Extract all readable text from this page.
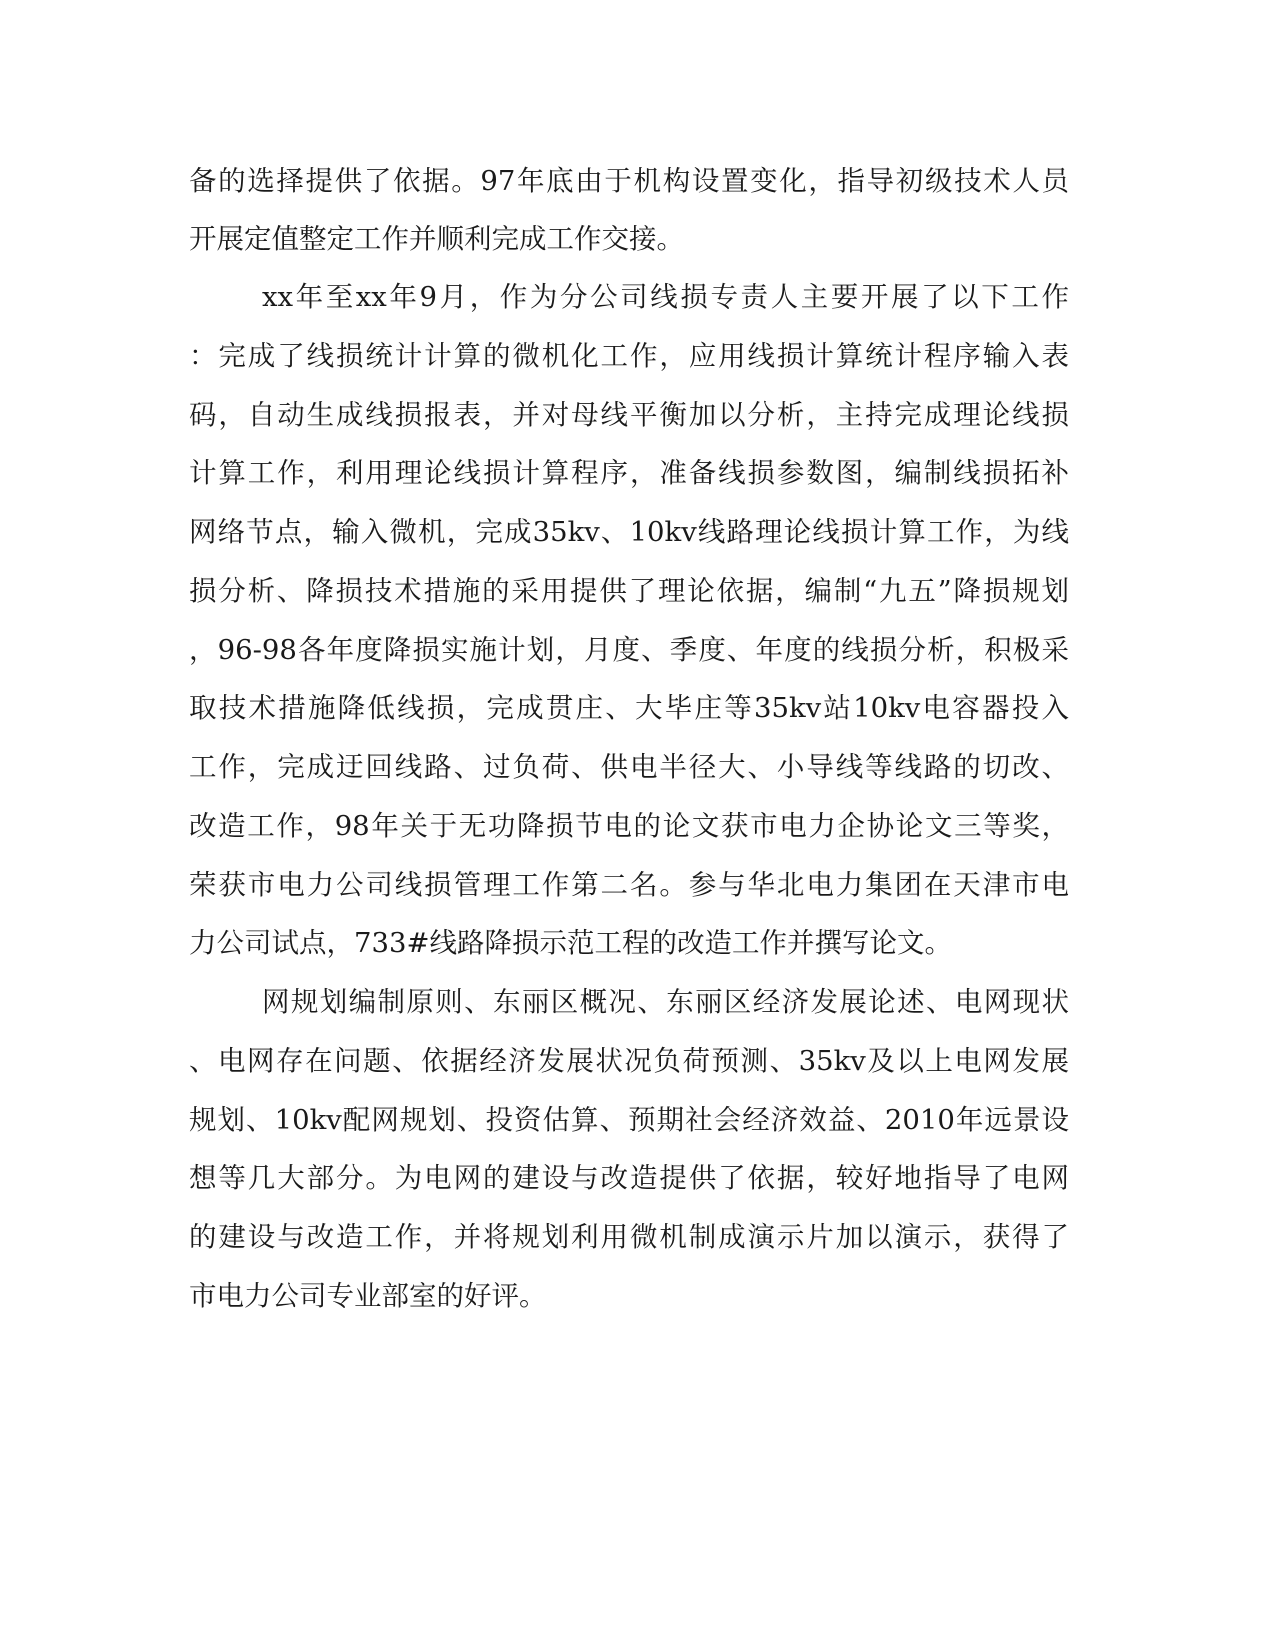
备的选择提供了依据。97年底由于机构设置变化，指导初级技术人员

开展定值整定工作并顺利完成工作交接。

xx年至xx年9月，作为分公司线损专责人主要开展了以下工作

：完成了线损统计计算的微机化工作，应用线损计算统计程序输入表

码，自动生成线损报表，并对母线平衡加以分析，主持完成理论线损

计算工作，利用理论线损计算程序，准备线损参数图，编制线损拓补

网络节点，输入微机，完成35kv、10kv线路理论线损计算工作，为线

损分析、降损技术措施的采用提供了理论依据，编制“九五”降损规划

，96-98各年度降损实施计划，月度、季度、年度的线损分析，积极采

取技术措施降低线损，完成贯庄、大毕庄等35kv站10kv电容器投入

工作，完成迂回线路、过负荷、供电半径大、小导线等线路的切改、

改造工作，98年关于无功降损节电的论文获市电力企协论文三等奖，

荣获市电力公司线损管理工作第二名。参与华北电力集团在天津市电

力公司试点，733#线路降损示范工程的改造工作并撰写论文。

网规划编制原则、东丽区概况、东丽区经济发展论述、电网现状

、电网存在问题、依据经济发展状况负荷预测、35kv及以上电网发展

规划、10kv配网规划、投资估算、预期社会经济效益、2010年远景设

想等几大部分。为电网的建设与改造提供了依据，较好地指导了电网

的建设与改造工作，并将规划利用微机制成演示片加以演示，获得了

市电力公司专业部室的好评。
